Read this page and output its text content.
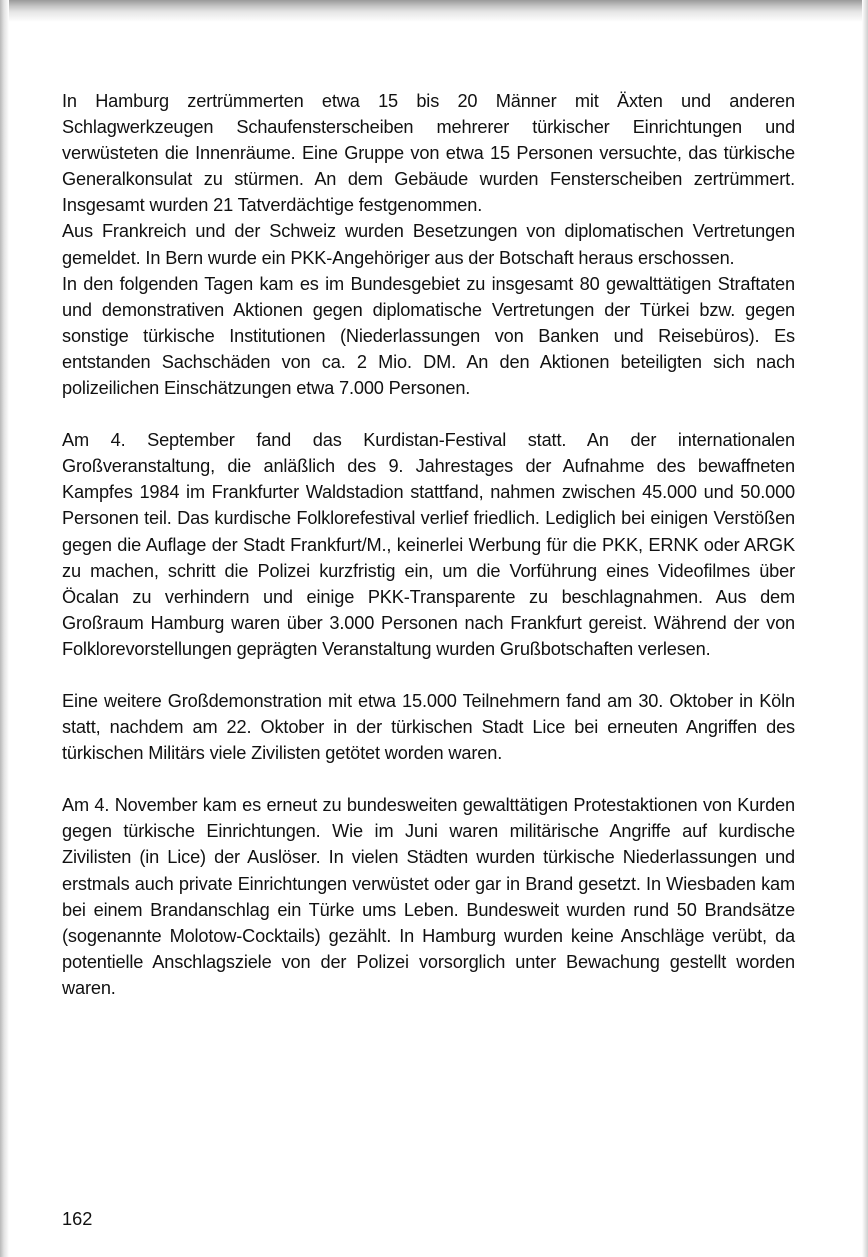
In Hamburg zertrümmerten etwa 15 bis 20 Männer mit Äxten und anderen Schlagwerkzeugen Schaufensterscheiben mehrerer türkischer Einrichtungen und verwüsteten die Innenräume. Eine Gruppe von etwa 15 Personen versuchte, das türkische Generalkonsulat zu stürmen. An dem Gebäude wurden Fensterscheiben zertrümmert. Insgesamt wurden 21 Tatverdächtige festgenommen.

Aus Frankreich und der Schweiz wurden Besetzungen von diplomatischen Vertretungen gemeldet. In Bern wurde ein PKK-Angehöriger aus der Botschaft heraus erschossen.

In den folgenden Tagen kam es im Bundesgebiet zu insgesamt 80 gewalttätigen Straftaten und demonstrativen Aktionen gegen diplomatische Vertretungen der Türkei bzw. gegen sonstige türkische Institutionen (Niederlassungen von Banken und Reisebüros). Es entstanden Sachschäden von ca. 2 Mio. DM. An den Aktionen beteiligten sich nach polizeilichen Einschätzungen etwa 7.000 Personen.

Am 4. September fand das Kurdistan-Festival statt. An der internationalen Großveranstaltung, die anläßlich des 9. Jahrestages der Aufnahme des bewaffneten Kampfes 1984 im Frankfurter Waldstadion stattfand, nahmen zwischen 45.000 und 50.000 Personen teil. Das kurdische Folklorefestival verlief friedlich. Lediglich bei einigen Verstößen gegen die Auflage der Stadt Frankfurt/M., keinerlei Werbung für die PKK, ERNK oder ARGK zu machen, schritt die Polizei kurzfristig ein, um die Vorführung eines Videofilmes über Öcalan zu verhindern und einige PKK-Transparente zu beschlagnahmen. Aus dem Großraum Hamburg waren über 3.000 Personen nach Frankfurt gereist. Während der von Folklorevorstellungen geprägten Veranstaltung wurden Grußbotschaften verlesen.

Eine weitere Großdemonstration mit etwa 15.000 Teilnehmern fand am 30. Oktober in Köln statt, nachdem am 22. Oktober in der türkischen Stadt Lice bei erneuten Angriffen des türkischen Militärs viele Zivilisten getötet worden waren.

Am 4. November kam es erneut zu bundesweiten gewalttätigen Protestaktionen von Kurden gegen türkische Einrichtungen. Wie im Juni waren militärische Angriffe auf kurdische Zivilisten (in Lice) der Auslöser. In vielen Städten wurden türkische Niederlassungen und erstmals auch private Einrichtungen verwüstet oder gar in Brand gesetzt. In Wiesbaden kam bei einem Brandanschlag ein Türke ums Leben. Bundesweit wurden rund 50 Brandsätze (sogenannte Molotow-Cocktails) gezählt. In Hamburg wurden keine Anschläge verübt, da potentielle Anschlagsziele von der Polizei vorsorglich unter Bewachung gestellt worden waren.

162
